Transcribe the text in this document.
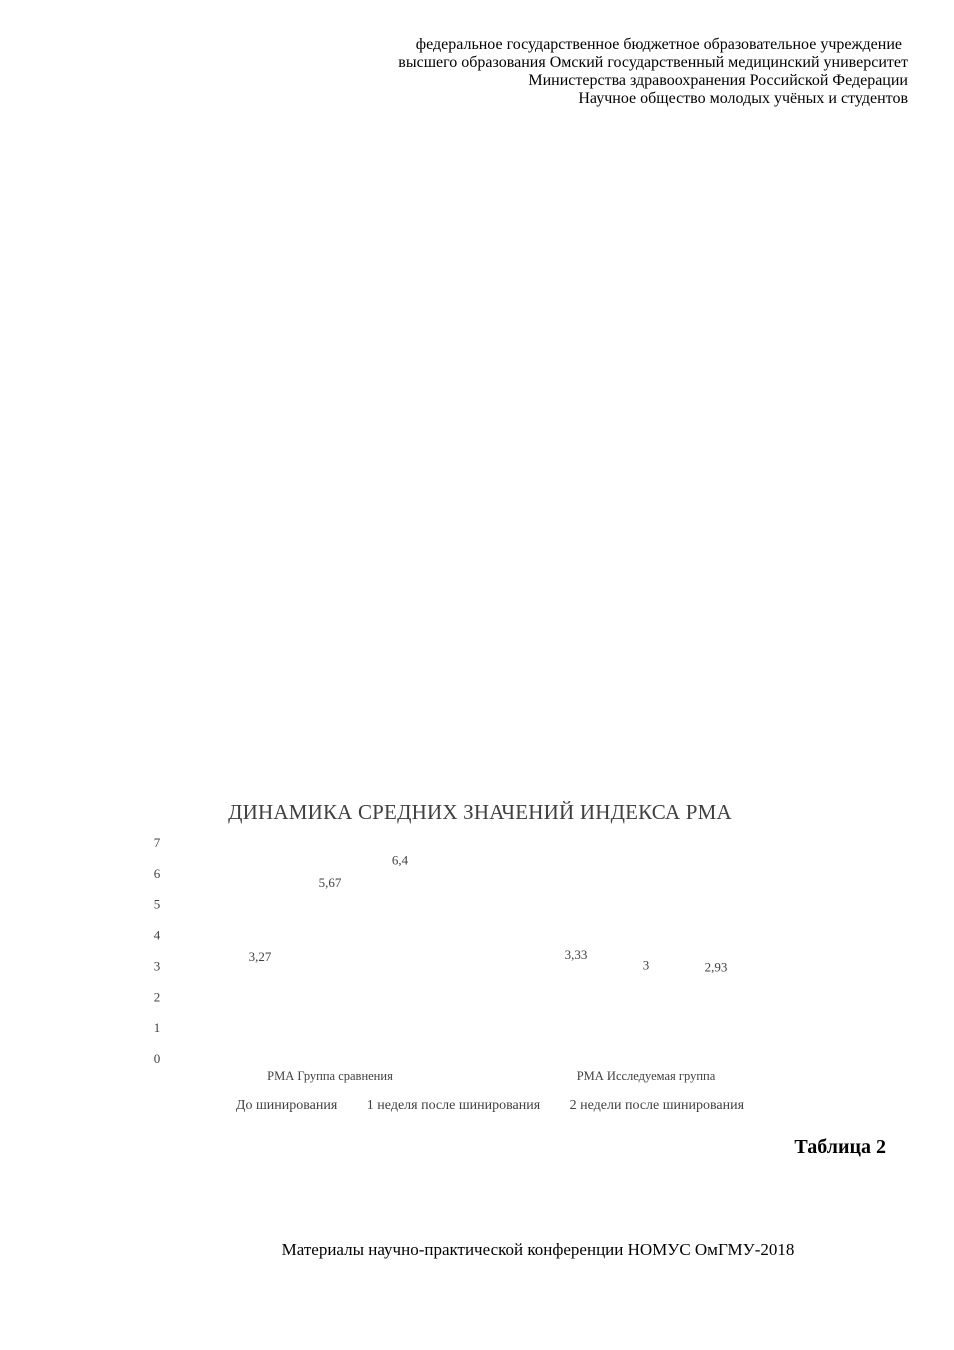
федеральное государственное бюджетное образовательное учреждение
высшего образования Омский государственный медицинский университет
Министерства здравоохранения Российской Федерации
Научное общество молодых учёных и студентов
ДИНАМИКА СРЕДНИХ ЗНАЧЕНИЙ ИНДЕКСА РМА
0
1
2
3
4
5
6
7
3,27	3,33
5,67
3
6,4
2,93
РМА Группа сравнения	РМА Исследуемая группа
До шинирования 1 неделя после шинирования 2 недели после шинирования
Таблица 2
Материалы научно-практической конференции НОМУС ОмГМУ-2018
